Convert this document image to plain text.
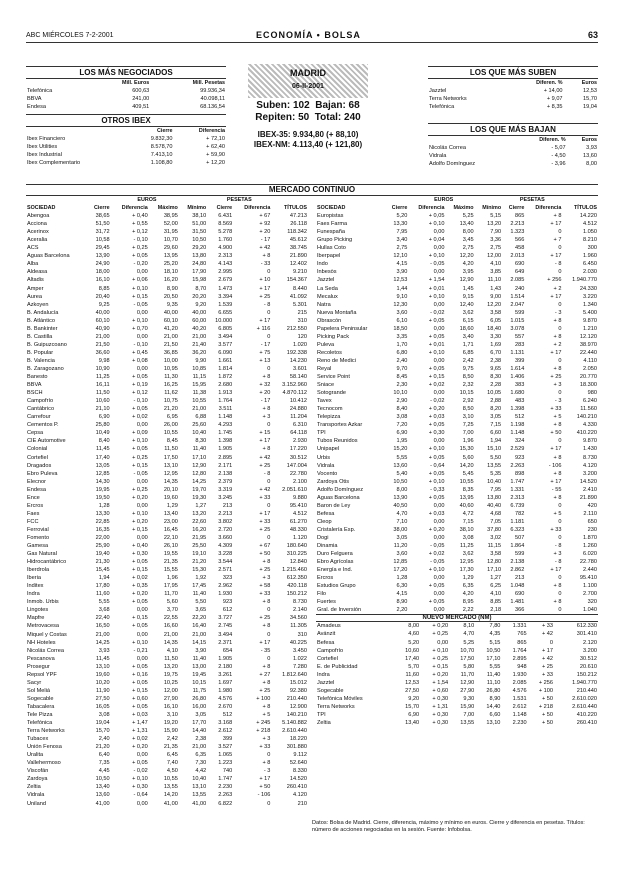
ABC MIÉRCOLES 7-2-2001	ECONOMÍA • BOLSA	63
LOS MÁS NEGOCIADOS
	Mill. Euros	Mill. Pesetas
Telefónica	600,63	99.936,34
BBVA	241,00	40.098,11
Endesa	409,51	68.136,54
OTROS IBEX
	Cierre	Diferencia
Ibex Financiero	9.832,30	+ 72,10
Ibex Utilities	8.578,70	+ 62,40
Ibex Industrial	7.413,10	+ 59,90
Ibex Complementario	1.108,80	+ 12,20
MADRID
06-II-2001
Suben: 102 Bajan: 68
Repiten: 50 Total: 240
IBEX-35: 9.934,80 (+ 88,10)
IBEX-NM: 4.113,40 (+ 121,80)
LOS QUE MÁS SUBEN
	Diferen. %	Euros
Jazztel	+ 14,00	12,53
Terra Networks	+ 9,07	15,70
Telefónica	+ 8,35	19,04
LOS QUE MÁS BAJAN
	Diferen. %	Euros
Nicolás Correa	- 5,07	3,93
Vidrala	- 4,50	13,60
Adolfo Domínguez	- 3,96	8,00
MERCADO CONTINUO
	EUROS				PESETAS		
SOCIEDAD	Cierre	Diferencia	Máximo	Mínimo	Cierre	Diferencia	TÍTULOS
Abengoa	38,65	+ 0,40	38,95	38,10	6.431	+ 67	47.213
Acciona	51,50	+ 0,55	52,00	51,00	8.569	+ 92	26.118
Acerinox	31,72	+ 0,12	31,95	31,50	5.278	+ 20	118.342
Aceralia	10,58	- 0,10	10,70	10,50	1.760	- 17	45.612
ACS	29,45	+ 0,25	29,60	29,20	4.900	+ 42	38.745
Aguas Barcelona	13,90	+ 0,05	13,95	13,80	2.313	+ 8	21.890
Alba	24,90	- 0,20	25,20	24,80	4.143	- 33	12.402
Aldeasa	18,00	0,00	18,10	17,90	2.995	0	9.210
Altadis	16,10	+ 0,06	16,20	15,98	2.679	+ 10	154.367
Amper	8,85	+ 0,10	8,90	8,70	1.473	+ 17	8.440
Aurea	20,40	+ 0,15	20,50	20,20	3.394	+ 25	41.092
Azkoyen	9,25	- 0,05	9,35	9,20	1.539	- 8	5.301
B. Andalucía	40,00	0,00	40,00	40,00	6.655	0	215
B. Atlántico	60,10	+ 0,10	60,10	60,00	10.000	+ 17	310
B. Bankinter	40,90	+ 0,70	41,20	40,20	6.805	+ 116	212.550
B. Castilla	21,00	0,00	21,00	21,00	3.494	0	120
B. Guipuzcoano	21,50	- 0,10	21,50	21,40	3.577	- 17	1.020
B. Popular	36,60	+ 0,45	36,85	36,20	6.090	+ 75	192.338
B. Valencia	9,98	+ 0,08	10,00	9,90	1.661	+ 13	14.230
B. Zaragozano	10,90	0,00	10,95	10,85	1.814	0	3.601
Banesto	11,25	+ 0,05	11,30	11,15	1.872	+ 8	58.140
BBVA	16,11	+ 0,19	16,25	15,95	2.680	+ 32	3.152.960
BSCH	11,50	+ 0,12	11,62	11,38	1.913	+ 20	4.870.112
Campofrío	10,60	- 0,10	10,75	10,55	1.764	- 17	10.412
Cantábrico	21,10	+ 0,05	21,20	21,00	3.511	+ 8	24.880
Carrefour	6,90	+ 0,02	6,95	6,88	1.148	+ 3	11.204
Cementos P.	25,80	0,00	26,00	25,60	4.293	0	6.310
Cepsa	10,49	+ 0,09	10,55	10,40	1.745	+ 15	64.118
CIE Automotive	8,40	+ 0,10	8,45	8,30	1.398	+ 17	2.930
Colonial	11,45	+ 0,05	11,50	11,40	1.905	+ 8	17.220
Cortefiel	17,40	+ 0,25	17,50	17,10	2.895	+ 42	30.512
Dragados	13,05	+ 0,15	13,10	12,90	2.171	+ 25	147.004
Ebro Puleva	12,85	- 0,05	12,95	12,80	2.138	- 8	22.780
Elecnor	14,30	0,00	14,35	14,25	2.379	0	2.100
Endesa	19,95	+ 0,25	20,10	19,70	3.319	+ 42	2.051.610
Ence	19,50	+ 0,20	19,60	19,30	3.245	+ 33	9.880
Ercros	1,28	0,00	1,29	1,27	213	0	95.410
Faes	13,30	+ 0,10	13,40	13,20	2.213	+ 17	4.512
FCC	22,85	+ 0,20	23,00	22,60	3.802	+ 33	61.270
Ferrovial	16,35	+ 0,15	16,45	16,20	2.720	+ 25	48.330
Fomento	22,00	0,00	22,10	21,95	3.660	0	1.120
Gamesa	25,90	+ 0,40	26,10	25,50	4.309	+ 67	180.640
Gas Natural	19,40	+ 0,30	19,55	19,10	3.228	+ 50	310.225
Hidrocantábrico	21,30	+ 0,05	21,35	21,20	3.544	+ 8	12.840
Iberdrola	15,45	+ 0,15	15,55	15,30	2.571	+ 25	1.215.460
Iberia	1,94	+ 0,02	1,96	1,92	323	+ 3	612.350
Inditex	17,80	+ 0,35	17,95	17,45	2.962	+ 58	420.118
Indra	11,60	+ 0,20	11,70	11,40	1.930	+ 33	150.212
Inmob. Urbis	5,55	+ 0,05	5,60	5,50	923	+ 8	8.730
Lingotes	3,68	0,00	3,70	3,65	612	0	2.140
Mapfre	22,40	+ 0,15	22,55	22,20	3.727	+ 25	34.560
Metrovacesa	16,50	+ 0,05	16,60	16,40	2.745	+ 8	11.305
Miquel y Costas	21,00	0,00	21,00	21,00	3.494	0	310
NH Hoteles	14,25	+ 0,10	14,35	14,15	2.371	+ 17	40.225
Nicolás Correa	3,93	- 0,21	4,10	3,90	654	- 35	3.450
Pescanova	11,45	0,00	11,50	11,40	1.905	0	1.022
Prosegur	13,10	+ 0,05	13,20	13,00	2.180	+ 8	7.280
Repsol YPF	19,60	+ 0,16	19,75	19,45	3.261	+ 27	1.812.640
Sacyr	10,20	+ 0,05	10,25	10,15	1.697	+ 8	15.012
Sol Meliá	11,90	+ 0,15	12,00	11,75	1.980	+ 25	92.380
Sogecable	27,50	+ 0,60	27,90	26,80	4.576	+ 100	210.440
Tabacalera	16,05	+ 0,05	16,10	16,00	2.670	+ 8	12.900
Tele Pizza	3,08	+ 0,03	3,10	3,05	512	+ 5	140.210
Telefónica	19,04	+ 1,47	19,20	17,70	3.168	+ 245	5.140.882
Terra Networks	15,70	+ 1,31	15,90	14,40	2.612	+ 218	2.610.440
Tubacex	2,40	+ 0,02	2,42	2,38	399	+ 3	18.220
Unión Fenosa	21,20	+ 0,20	21,35	21,00	3.527	+ 33	301.880
Uralita	6,40	0,00	6,45	6,35	1.065	0	9.112
Vallehermoso	7,35	+ 0,05	7,40	7,30	1.223	+ 8	52.640
Viscofán	4,45	- 0,02	4,50	4,42	740	- 3	8.330
Zardoya	10,50	+ 0,10	10,55	10,40	1.747	+ 17	14.520
Zeltia	13,40	+ 0,30	13,55	13,10	2.230	+ 50	260.410
Vidrala	13,60	- 0,64	14,20	13,55	2.263	- 106	4.120
Uniland	41,00	0,00	41,00	41,00	6.822	0	210
	EUROS				PESETAS		
SOCIEDAD	Cierre	Diferencia	Máximo	Mínimo	Cierre	Diferencia	TÍTULOS
Europistas	5,20	+ 0,05	5,25	5,15	865	+ 8	14.220
Faes Farma	13,30	+ 0,10	13,40	13,20	2.213	+ 17	4.512
Funespaña	7,95	0,00	8,00	7,90	1.323	0	1.050
Grupo Picking	3,40	+ 0,04	3,45	3,36	566	+ 7	8.210
Hullas Coto	2,75	0,00	2,75	2,75	458	0	300
Iberpapel	12,10	+ 0,10	12,20	12,00	2.013	+ 17	1.960
Indo	4,15	- 0,05	4,20	4,10	690	- 8	6.450
Inbesòs	3,90	0,00	3,95	3,85	649	0	2.030
Jazztel	12,53	+ 1,54	12,90	11,10	2.085	+ 256	1.940.770
La Seda	1,44	+ 0,01	1,45	1,43	240	+ 2	24.330
Mecalux	9,10	+ 0,10	9,15	9,00	1.514	+ 17	3.220
Natra	12,30	0,00	12,40	12,20	2.047	0	1.340
Nueva Montaña	3,60	- 0,02	3,62	3,58	599	- 3	5.400
Obrascón	6,10	+ 0,05	6,15	6,05	1.015	+ 8	9.870
Papelera Peninsular	18,50	0,00	18,60	18,40	3.078	0	1.210
Picking Pack	3,35	+ 0,05	3,40	3,30	557	+ 8	12.120
Puleva	1,70	+ 0,01	1,71	1,69	283	+ 2	38.970
Recoletos	6,80	+ 0,10	6,85	6,70	1.131	+ 17	22.440
Reno de Medici	2,40	0,00	2,42	2,38	399	0	4.110
Reyal	9,70	+ 0,05	9,75	9,65	1.614	+ 8	2.050
Service Point	8,45	+ 0,15	8,50	8,30	1.406	+ 25	20.770
Sniace	2,30	+ 0,02	2,32	2,28	383	+ 3	18.300
Sotogrande	10,10	0,00	10,15	10,05	1.680	0	980
Tavex	2,90	- 0,02	2,92	2,88	483	- 3	6.240
Tecnocom	8,40	+ 0,20	8,50	8,20	1.398	+ 33	11.560
Telepizza	3,08	+ 0,03	3,10	3,05	512	+ 5	140.210
Transportes Azkar	7,20	+ 0,05	7,25	7,15	1.198	+ 8	4.330
TPI	6,90	+ 0,30	7,00	6,60	1.148	+ 50	410.220
Tubos Reunidos	1,95	0,00	1,96	1,94	324	0	9.870
Unipapel	15,20	+ 0,10	15,30	15,10	2.529	+ 17	1.430
Urbis	5,55	+ 0,05	5,60	5,50	923	+ 8	8.730
Vidrala	13,60	- 0,64	14,20	13,55	2.263	- 106	4.120
Vocento	5,40	+ 0,05	5,45	5,35	898	+ 8	3.200
Zardoya Otis	10,50	+ 0,10	10,55	10,40	1.747	+ 17	14.520
Adolfo Domínguez	8,00	- 0,33	8,35	7,95	1.331	- 55	2.410
Aguas Barcelona	13,90	+ 0,05	13,95	13,80	2.313	+ 8	21.890
Baron de Ley	40,50	0,00	40,60	40,40	6.739	0	420
Befesa	4,70	+ 0,03	4,72	4,68	782	+ 5	2.110
Cleop	7,10	0,00	7,15	7,05	1.181	0	650
Cristalería Esp.	38,00	+ 0,20	38,10	37,80	6.323	+ 33	230
Dogi	3,05	0,00	3,08	3,02	507	0	1.870
Dinamia	11,20	- 0,05	11,25	11,15	1.864	- 8	1.260
Duro Felguera	3,60	+ 0,02	3,62	3,58	599	+ 3	6.020
Ebro Agrícolas	12,85	- 0,05	12,95	12,80	2.138	- 8	22.780
Energía e Ind.	17,20	+ 0,10	17,30	17,10	2.862	+ 17	2.440
Ercros	1,28	0,00	1,29	1,27	213	0	95.410
Estudios Grupo	6,30	+ 0,05	6,35	6,25	1.048	+ 8	1.100
Filo	4,15	0,00	4,20	4,10	690	0	2.700
Fuertes	8,90	+ 0,05	8,95	8,85	1.481	+ 8	320
Gral. de Inversión	2,20	0,00	2,22	2,18	366	0	1.040
NUEVO MERCADO (NM)
Amadeus	8,00	+ 0,20	8,10	7,80	1.331	+ 33	612.330
Avánzit	4,60	+ 0,25	4,70	4,35	765	+ 42	301.410
Befesa	5,20	0,00	5,25	5,15	865	0	2.120
Campofrío	10,60	+ 0,10	10,70	10,50	1.764	+ 17	3.200
Cortefiel	17,40	+ 0,25	17,50	17,10	2.895	+ 42	30.512
E. de Publicidad	5,70	+ 0,15	5,80	5,55	948	+ 25	20.610
Indra	11,60	+ 0,20	11,70	11,40	1.930	+ 33	150.212
Jazztel	12,53	+ 1,54	12,90	11,10	2.085	+ 256	1.940.770
Sogecable	27,50	+ 0,60	27,90	26,80	4.576	+ 100	210.440
Telefónica Móviles	9,20	+ 0,30	9,30	8,90	1.531	+ 50	2.610.020
Terra Networks	15,70	+ 1,31	15,90	14,40	2.612	+ 218	2.610.440
TPI	6,90	+ 0,30	7,00	6,60	1.148	+ 50	410.220
Zeltia	13,40	+ 0,30	13,55	13,10	2.230	+ 50	260.410
Datos: Bolsa de Madrid. Cierre, diferencia, máximo y mínimo en euros. Cierre y diferencia en pesetas. Títulos: número de acciones negociadas en la sesión. Fuente: Infobolsa.
